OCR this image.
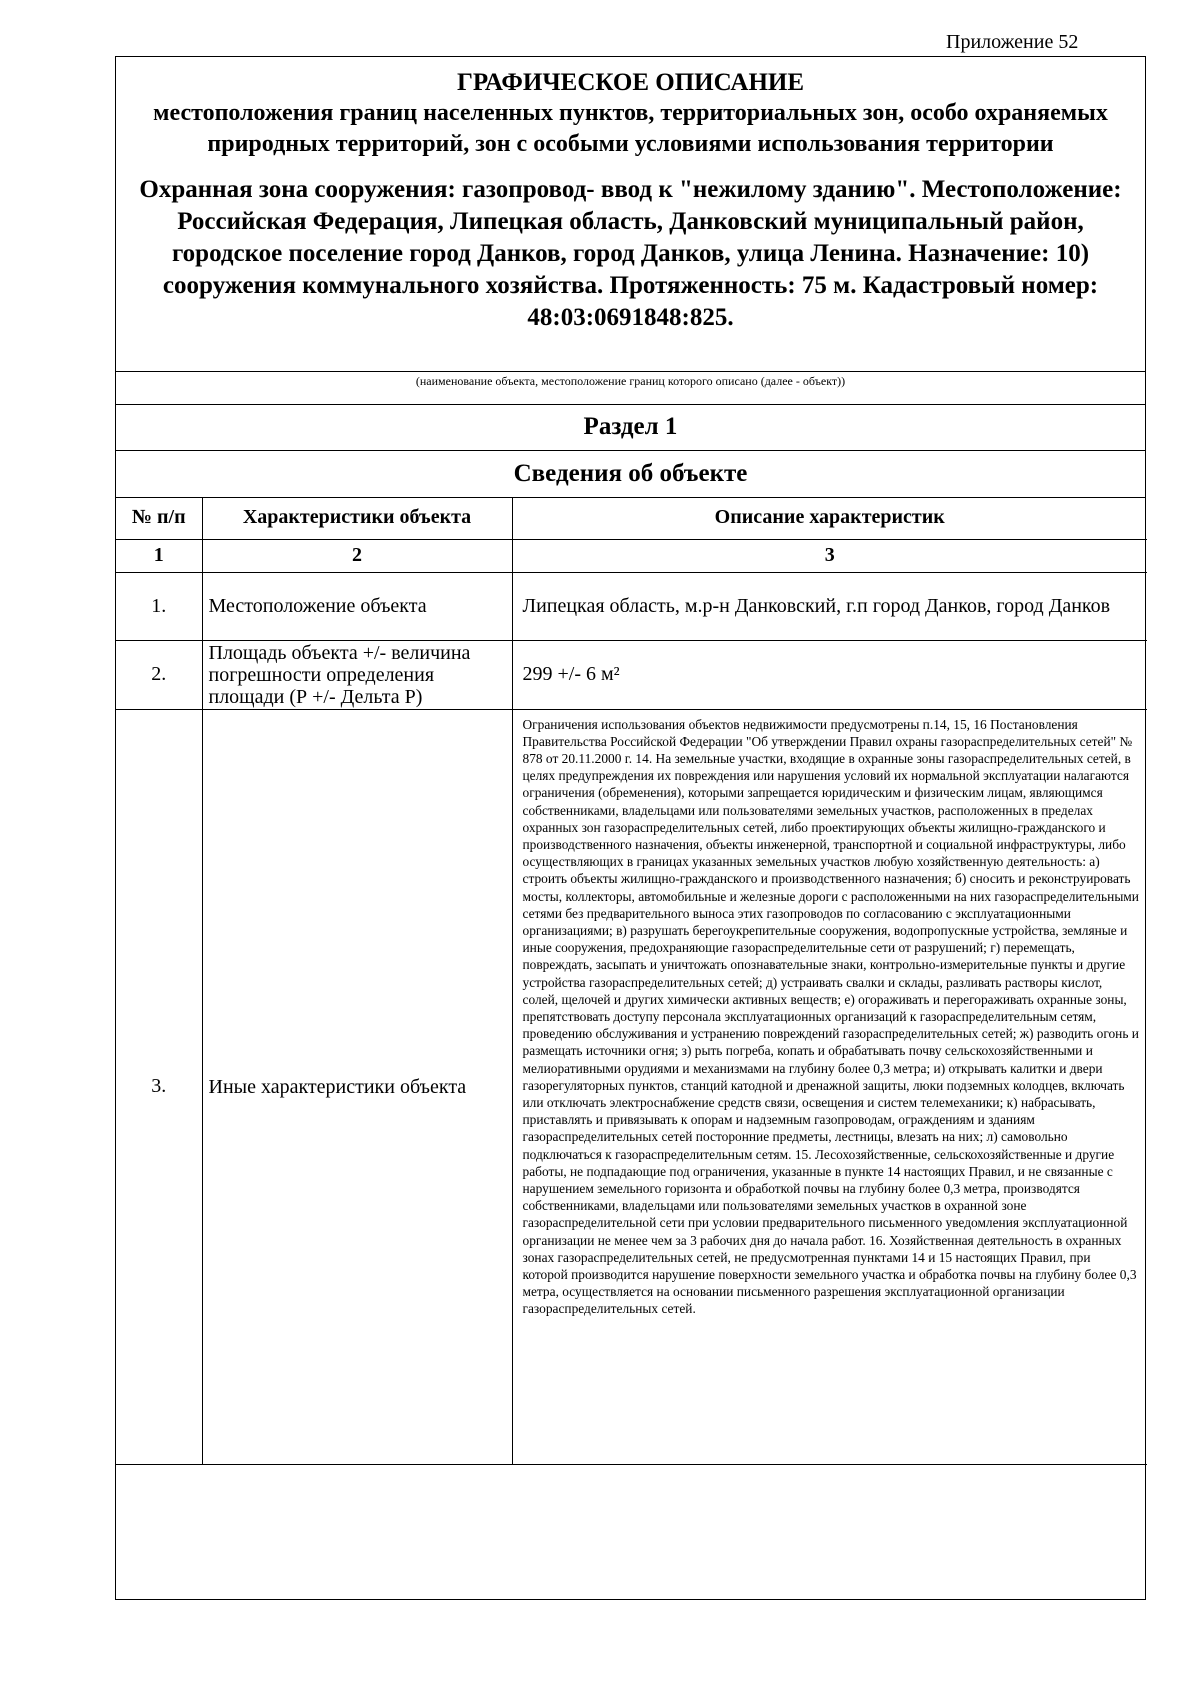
Приложение 52
ГРАФИЧЕСКОЕ ОПИСАНИЕ
местоположения границ населенных пунктов, территориальных зон, особо охраняемых природных территорий, зон с особыми условиями использования территории
Охранная зона сооружения: газопровод- ввод к "нежилому зданию". Местоположение: Российская Федерация, Липецкая область, Данковский муниципальный район, городское поселение город Данков, город Данков, улица Ленина. Назначение: 10) сооружения коммунального хозяйства. Протяженность: 75 м. Кадастровый номер: 48:03:0691848:825.
(наименование объекта, местоположение границ которого описано (далее - объект))
Раздел 1
Сведения об объекте
№ п/п	Характеристики объекта	Описание характеристик
1	2	3
1.	Местоположение объекта	Липецкая область, м.р-н Данковский, г.п город Данков, город Данков
2.	Площадь объекта +/- величина погрешности определения площади (Р +/- Дельта Р)	299 +/- 6 м²
3.	Иные характеристики объекта	Ограничения использования объектов недвижимости предусмотрены п.14, 15, 16 Постановления Правительства Российской Федерации "Об утверждении Правил охраны газораспределительных сетей" № 878 от 20.11.2000 г. 14. На земельные участки, входящие в охранные зоны газораспределительных сетей, в целях предупреждения их повреждения или нарушения условий их нормальной эксплуатации налагаются ограничения (обременения), которыми запрещается юридическим и физическим лицам, являющимся собственниками, владельцами или пользователями земельных участков, расположенных в пределах охранных зон газораспределительных сетей, либо проектирующих объекты жилищно-гражданского и производственного назначения, объекты инженерной, транспортной и социальной инфраструктуры, либо осуществляющих в границах указанных земельных участков любую хозяйственную деятельность: а) строить объекты жилищно-гражданского и производственного назначения; б) сносить и реконструировать мосты, коллекторы, автомобильные и железные дороги с расположенными на них газораспределительными сетями без предварительного выноса этих газопроводов по согласованию с эксплуатационными организациями; в) разрушать берегоукрепительные сооружения, водопропускные устройства, земляные и иные сооружения, предохраняющие газораспределительные сети от разрушений; г) перемещать, повреждать, засыпать и уничтожать опознавательные знаки, контрольно-измерительные пункты и другие устройства газораспределительных сетей; д) устраивать свалки и склады, разливать растворы кислот, солей, щелочей и других химически активных веществ; е) огораживать и перегораживать охранные зоны, препятствовать доступу персонала эксплуатационных организаций к газораспределительным сетям, проведению обслуживания и устранению повреждений газораспределительных сетей; ж) разводить огонь и размещать источники огня; з) рыть погреба, копать и обрабатывать почву сельскохозяйственными и мелиоративными орудиями и механизмами на глубину более 0,3 метра; и) открывать калитки и двери газорегуляторных пунктов, станций катодной и дренажной защиты, люки подземных колодцев, включать или отключать электроснабжение средств связи, освещения и систем телемеханики; к) набрасывать, приставлять и привязывать к опорам и надземным газопроводам, ограждениям и зданиям газораспределительных сетей посторонние предметы, лестницы, влезать на них; л) самовольно подключаться к газораспределительным сетям. 15. Лесохозяйственные, сельскохозяйственные и другие работы, не подпадающие под ограничения, указанные в пункте 14 настоящих Правил, и не связанные с нарушением земельного горизонта и обработкой почвы на глубину более 0,3 метра, производятся собственниками, владельцами или пользователями земельных участков в охранной зоне газораспределительной сети при условии предварительного письменного уведомления эксплуатационной организации не менее чем за 3 рабочих дня до начала работ. 16. Хозяйственная деятельность в охранных зонах газораспределительных сетей, не предусмотренная пунктами 14 и 15 настоящих Правил, при которой производится нарушение поверхности земельного участка и обработка почвы на глубину более 0,3 метра, осуществляется на основании письменного разрешения эксплуатационной организации газораспределительных сетей.
